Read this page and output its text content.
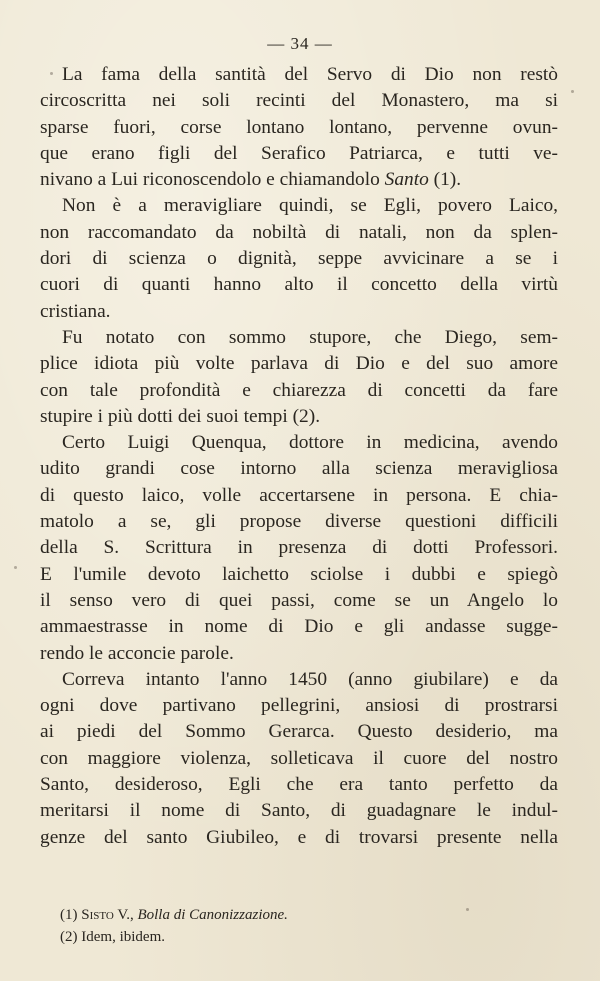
— 34 —
La fama della santità del Servo di Dio non restò
circoscritta nei soli recinti del Monastero, ma si
sparse fuori, corse lontano lontano, pervenne ovun-
que erano figli del Serafico Patriarca, e tutti ve-
nivano a Lui riconoscendolo e chiamandolo Santo (1).
Non è a meravigliare quindi, se Egli, povero Laico,
non raccomandato da nobiltà di natali, non da splen-
dori di scienza o dignità, seppe avvicinare a se i
cuori di quanti hanno alto il concetto della virtù
cristiana.
Fu notato con sommo stupore, che Diego, sem-
plice idiota più volte parlava di Dio e del suo amore
con tale profondità e chiarezza di concetti da fare
stupire i più dotti dei suoi tempi (2).
Certo Luigi Quenqua, dottore in medicina, avendo
udito grandi cose intorno alla scienza meravigliosa
di questo laico, volle accertarsene in persona. E chia-
matolo a se, gli propose diverse questioni difficili
della S. Scrittura in presenza di dotti Professori.
E l'umile devoto laichetto sciolse i dubbi e spiegò
il senso vero di quei passi, come se un Angelo lo
ammaestrasse in nome di Dio e gli andasse sugge-
rendo le acconcie parole.
Correva intanto l'anno 1450 (anno giubilare) e da
ogni dove partivano pellegrini, ansiosi di prostrarsi
ai piedi del Sommo Gerarca. Questo desiderio, ma
con maggiore violenza, solleticava il cuore del nostro
Santo, desideroso, Egli che era tanto perfetto da
meritarsi il nome di Santo, di guadagnare le indul-
genze del santo Giubileo, e di trovarsi presente nella
(1) Sisto V., Bolla di Canonizzazione.
(2) Idem, ibidem.
